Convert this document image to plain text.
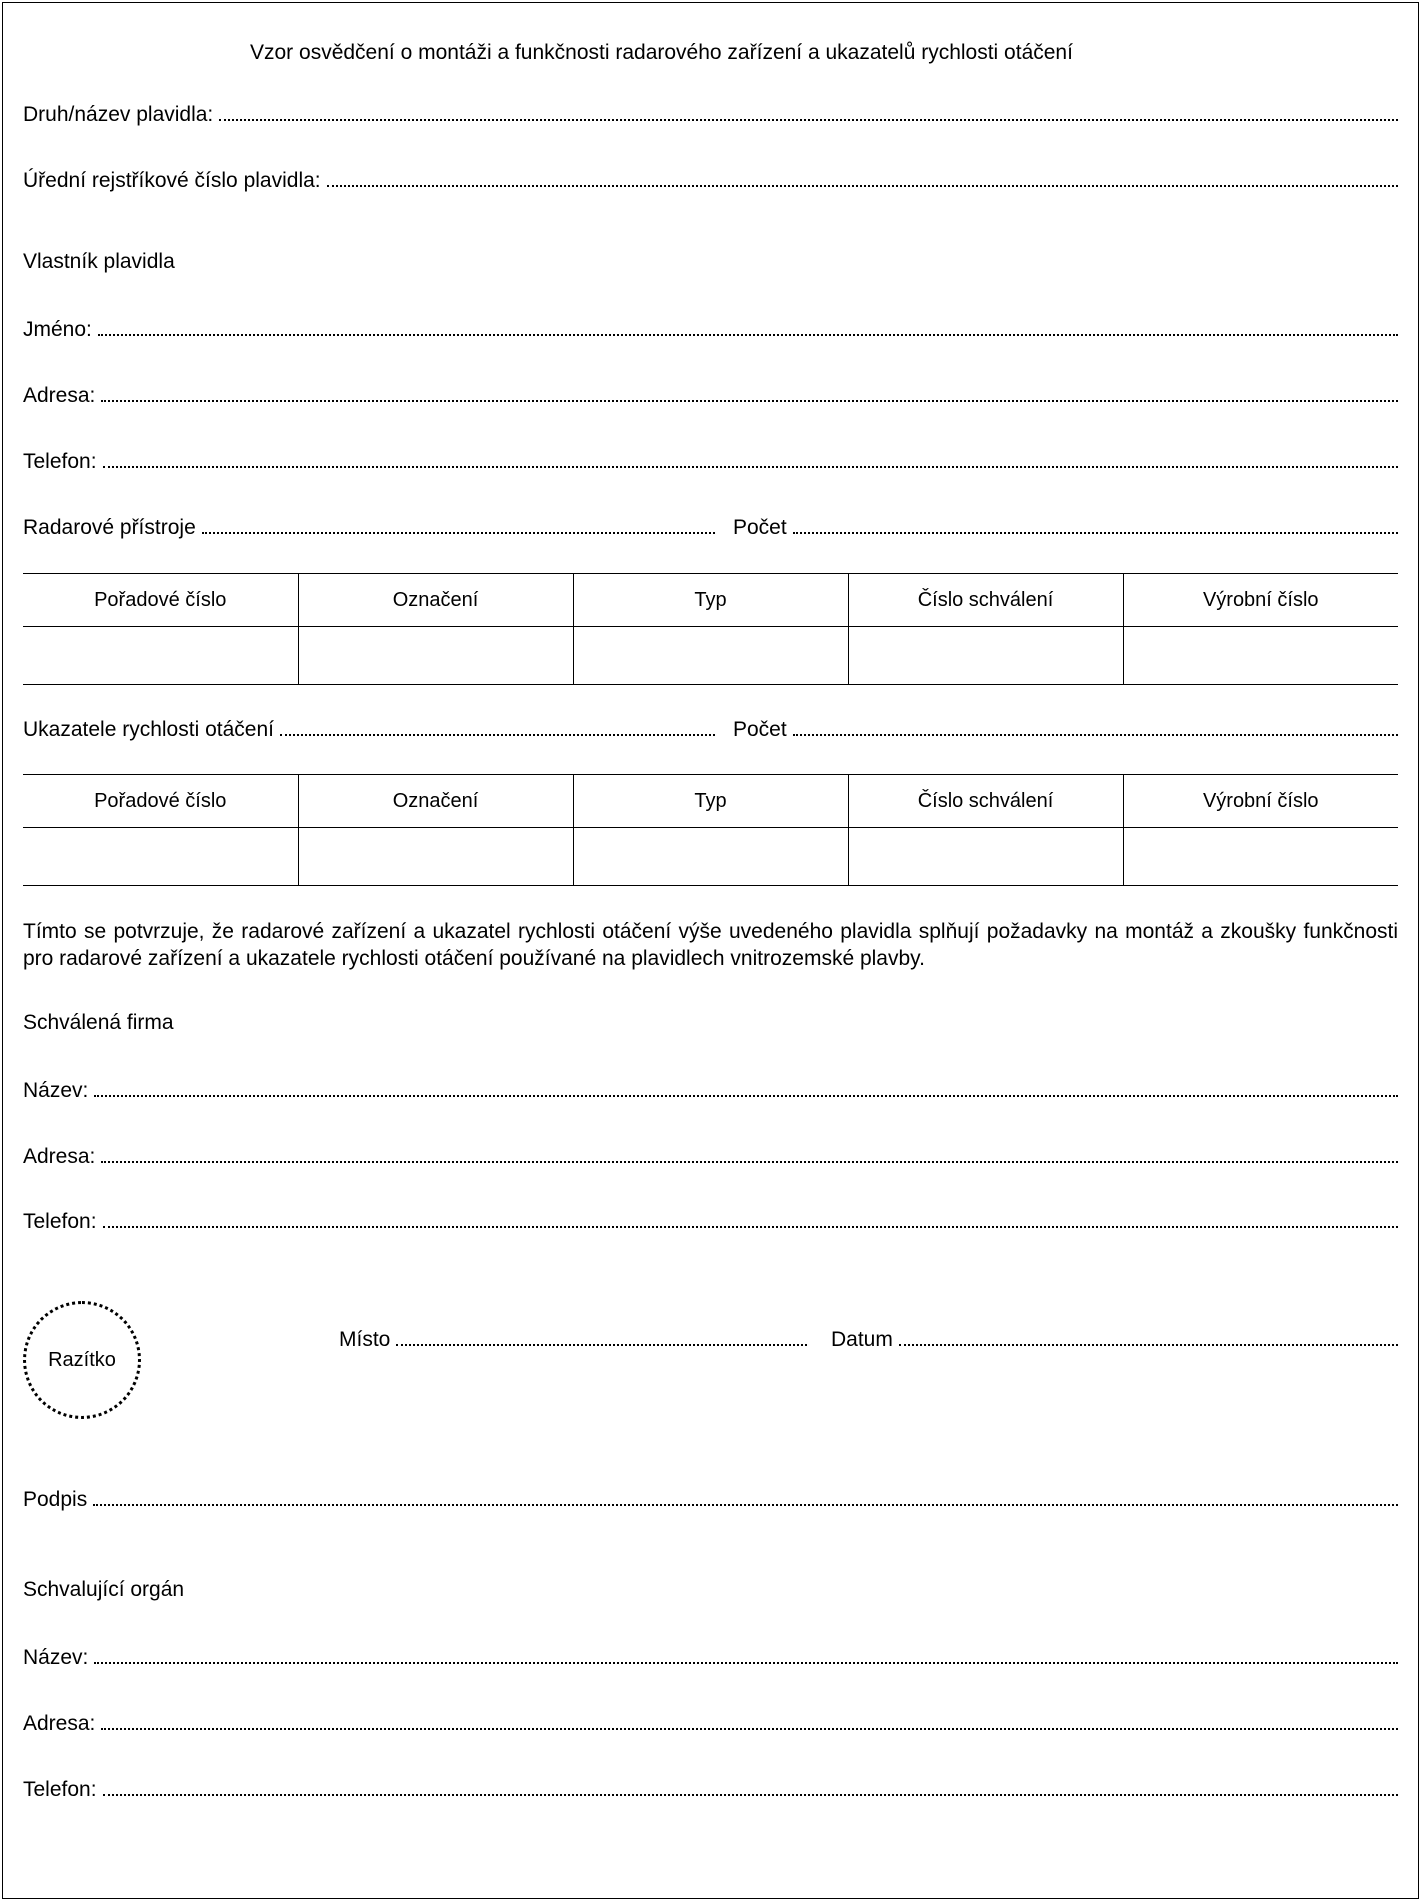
Vzor osvědčení o montáži a funkčnosti radarového zařízení a ukazatelů rychlosti otáčení
Druh/název plavidla:
Úřední rejstříkové číslo plavidla:
Vlastník plavidla
Jméno:
Adresa:
Telefon:
Radarové přístroje	Počet
Pořadové číslo	Označení	Typ	Číslo schválení	Výrobní číslo

Ukazatele rychlosti otáčení	Počet
Pořadové číslo	Označení	Typ	Číslo schválení	Výrobní číslo

Tímto se potvrzuje, že radarové zařízení a ukazatel rychlosti otáčení výše uvedeného plavidla splňují požadavky na montáž a zkoušky funkčnosti pro radarové zařízení a ukazatele rychlosti otáčení používané na plavidlech vnitrozemské plavby.
Schválená firma
Název:
Adresa:
Telefon:
Razítko
Místo	Datum
Podpis
Schvalující orgán
Název:
Adresa:
Telefon:
